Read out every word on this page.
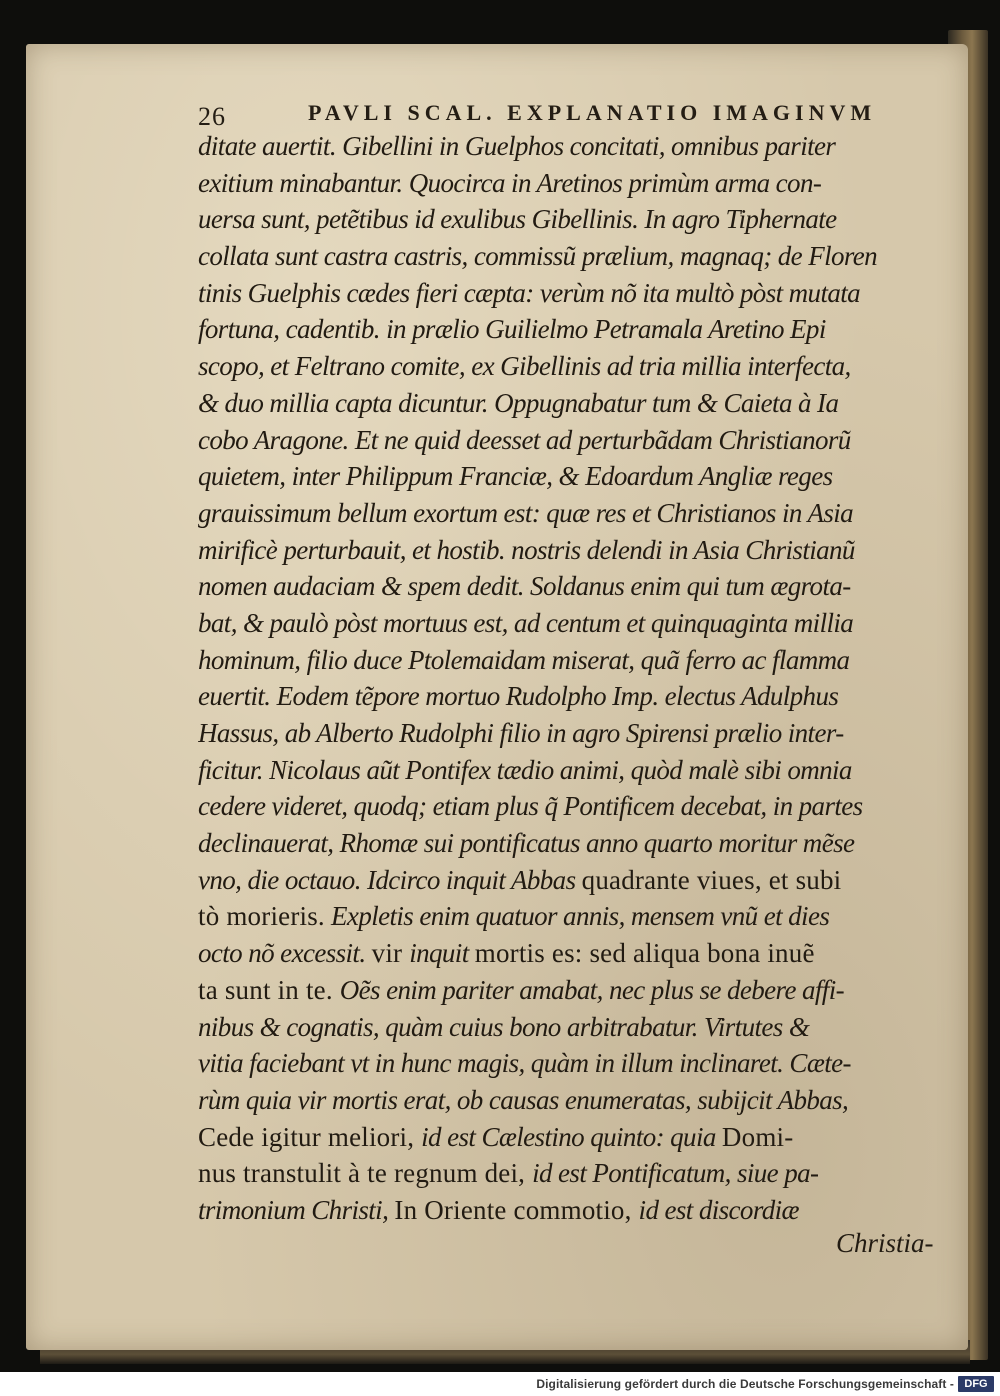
26	PAVLI SCAL. EXPLANATIO IMAGINVM
ditate auertit. Gibellini in Guelphos concitati, omnibus pariter
exitium minabantur. Quocirca in Aretinos primùm arma con-
uersa sunt, petẽtibus id exulibus Gibellinis. In agro Tiphernate
collata sunt castra castris, commissũ prælium, magnaq; de Floren
tinis Guelphis cædes fieri cæpta: verùm nõ ita multò pòst mutata
fortuna, cadentib. in prælio Guilielmo Petramala Aretino Epi
scopo, et Feltrano comite, ex Gibellinis ad tria millia interfecta,
& duo millia capta dicuntur. Oppugnabatur tum & Caieta à Ia
cobo Aragone. Et ne quid deesset ad perturbãdam Christianorũ
quietem, inter Philippum Franciæ, & Edoardum Angliæ reges
grauissimum bellum exortum est: quæ res et Christianos in Asia
mirificè perturbauit, et hostib. nostris delendi in Asia Christianũ
nomen audaciam & spem dedit. Soldanus enim qui tum ægrota-
bat, & paulò pòst mortuus est, ad centum et quinquaginta millia
hominum, filio duce Ptolemaidam miserat, quã ferro ac flamma
euertit. Eodem tẽpore mortuo Rudolpho Imp. electus Adulphus
Hassus, ab Alberto Rudolphi filio in agro Spirensi prælio inter-
ficitur. Nicolaus aũt Pontifex tædio animi, quòd malè sibi omnia
cedere videret, quodq; etiam plus q̃ Pontificem decebat, in partes
declinauerat, Rhomæ sui pontificatus anno quarto moritur mẽse
vno, die octauo. Idcirco inquit Abbas quadrante viues, et subi
tò morieris. Expletis enim quatuor annis, mensem vnũ et dies
octo nõ excessit. vir inquit mortis es: sed aliqua bona inuẽ
ta sunt in te. Oẽs enim pariter amabat, nec plus se debere affi-
nibus & cognatis, quàm cuius bono arbitrabatur. Virtutes &
vitia faciebant vt in hunc magis, quàm in illum inclinaret. Cæte-
rùm quia vir mortis erat, ob causas enumeratas, subijcit Abbas,
Cede igitur meliori, id est Cælestino quinto: quia Domi-
nus transtulit à te regnum dei, id est Pontificatum, siue pa-
trimonium Christi, In Oriente commotio, id est discordiæ
Christia-
Digitalisierung gefördert durch die Deutsche Forschungsgemeinschaft - DFG
